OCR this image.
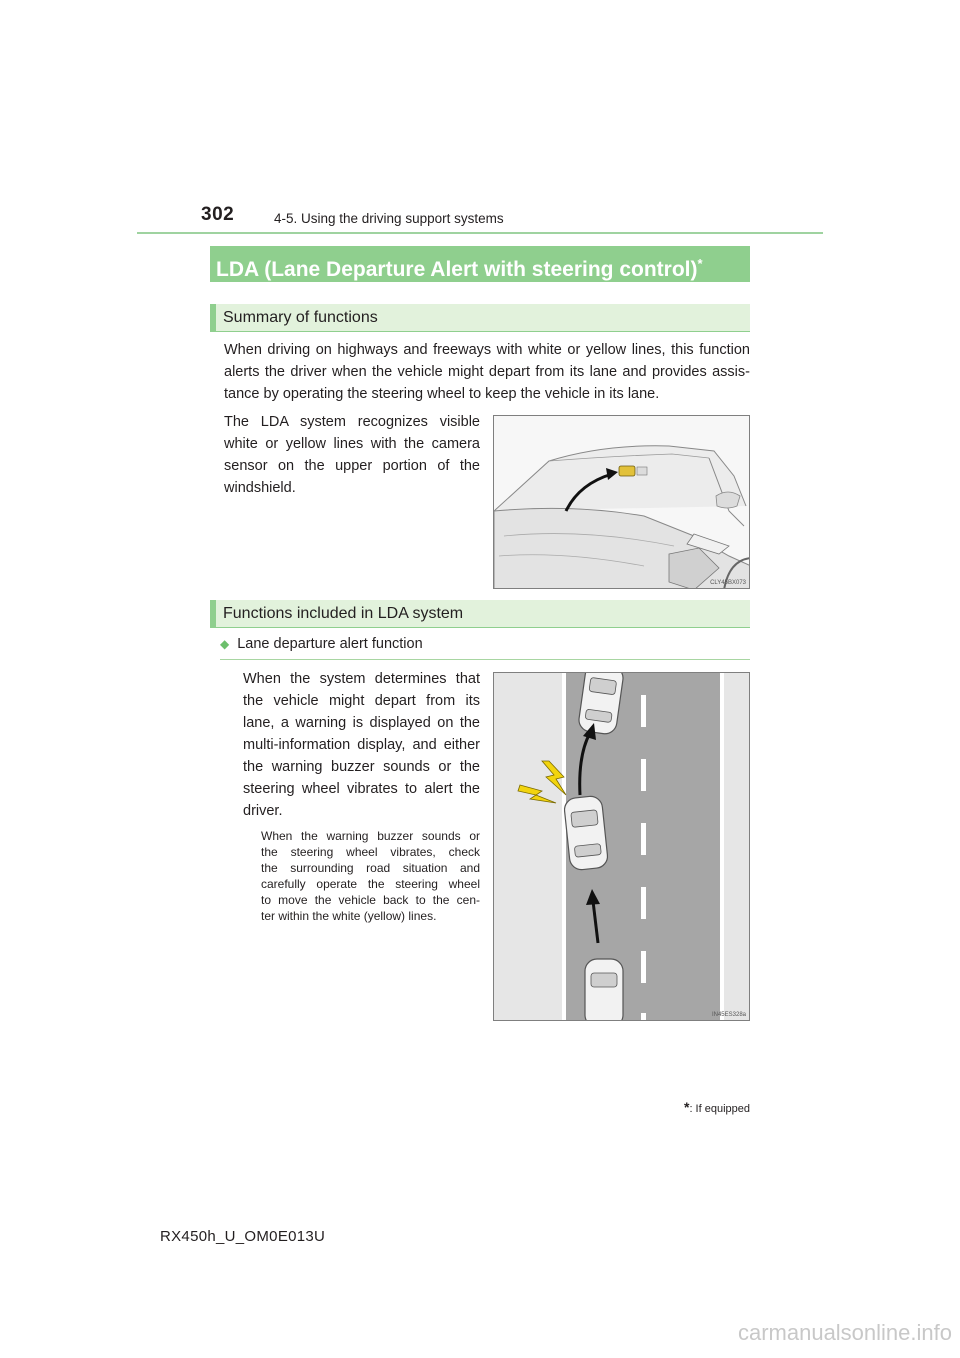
302	4-5. Using the driving support systems
LDA (Lane Departure Alert with steering control)*
Summary of functions
When driving on highways and freeways with white or yellow lines, this function
alerts the driver when the vehicle might depart from its lane and provides assis-
tance by operating the steering wheel to keep the vehicle in its lane.
The LDA system recognizes visible
white or yellow lines with the camera
sensor on the upper portion of the
windshield.
CLY45BX073
Functions included in LDA system
◆ Lane departure alert function
When the system determines that
the vehicle might depart from its
lane, a warning is displayed on the
multi-information display, and either
the warning buzzer sounds or the
steering wheel vibrates to alert the
driver.
When the warning buzzer sounds or
the steering wheel vibrates, check
the surrounding road situation and
carefully operate the steering wheel
to move the vehicle back to the cen-
ter within the white (yellow) lines.
IN45ES328a
*: If equipped
RX450h_U_OM0E013U
carmanualsonline.info
